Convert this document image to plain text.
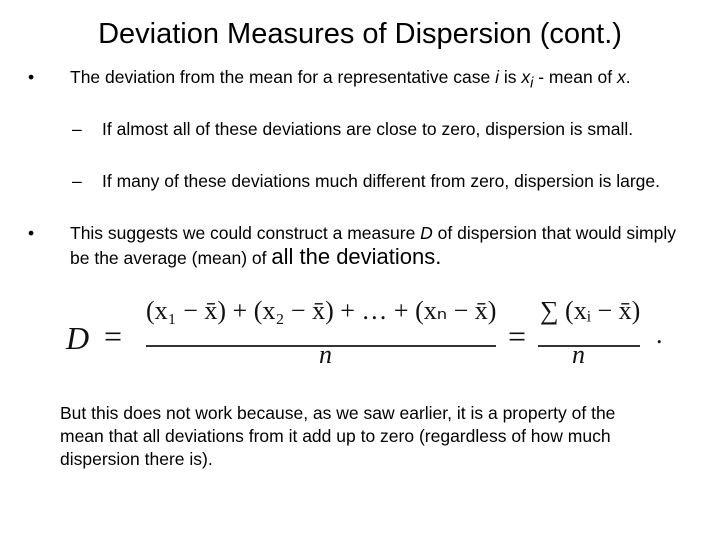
Deviation Measures of Dispersion (cont.)
•	The deviation from the mean for a representative case i is $x_i$ - mean of x.
–	If almost all of these deviations are close to zero, dispersion is small.
–	If many of these deviations much different from zero, dispersion is large.
•	This suggests we could construct a measure D of dispersion that would simply be the average (mean) of all the deviations.
D =
(x₁ − x̄) + (x₂ − x̄) + … + (xₙ − x̄)
n
=
∑ (xᵢ − x̄)
n
.
But this does not work because, as we saw earlier, it is a property of the mean that all deviations from it add up to zero (regardless of how much dispersion there is).
